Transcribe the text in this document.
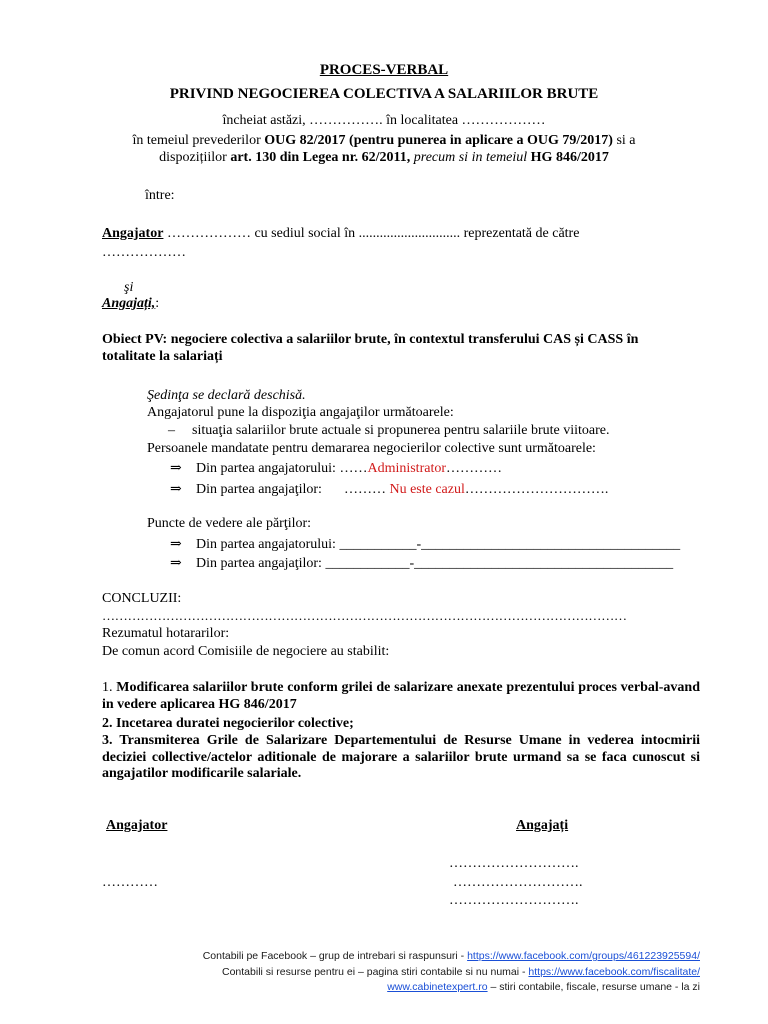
PROCES-VERBAL
PRIVIND NEGOCIEREA COLECTIVA A SALARIILOR BRUTE
încheiat astăzi, ……………. în localitatea ………………
în temeiul prevederilor OUG 82/2017 (pentru punerea in aplicare a OUG 79/2017) si a
dispozițiilor art. 130 din Legea nr. 62/2011, precum si in temeiul HG 846/2017
între:
Angajator ……………… cu sediul social în ............................. reprezentată de către
………………
şi
Angajați,:
Obiect PV: negociere colectiva a salariilor brute, în contextul transferului CAS și CASS în
totalitate la salariați
Şedinţa se declară deschisă.
Angajatorul pune la dispoziţia angajaţilor următoarele:
– situaţia salariilor brute actuale si propunerea pentru salariile brute viitoare.
Persoanele mandatate pentru demararea negocierilor colective sunt următoarele:
⇒ Din partea angajatorului: ……Administrator…………
⇒ Din partea angajaţilor: ……… Nu este cazul………………………….
Puncte de vedere ale părţilor:
⇒ Din partea angajatorului: ___________-_____________________________________
⇒ Din partea angajaţilor: ____________-_____________________________________
CONCLUZII:
……………………………………………………………………………………………………………
Rezumatul hotararilor:
De comun acord Comisiile de negociere au stabilit:
1. Modificarea salariilor brute conform grilei de salarizare anexate prezentului proces verbal-avand in vedere aplicarea HG 846/2017
2. Incetarea duratei negocierilor colective;
3. Transmiterea Grile de Salarizare Departementului de Resurse Umane in vederea intocmirii deciziei collective/actelor aditionale de majorare a salariilor brute urmand sa se faca cunoscut si angajatilor modificarile salariale.
Angajator	Angajați
……………………….
…………	……………………….
……………………….
Contabili pe Facebook – grup de intrebari si raspunsuri - https://www.facebook.com/groups/461223925594/
Contabili si resurse pentru ei – pagina stiri contabile si nu numai - https://www.facebook.com/fiscalitate/
www.cabinetexpert.ro – stiri contabile, fiscale, resurse umane - la zi
